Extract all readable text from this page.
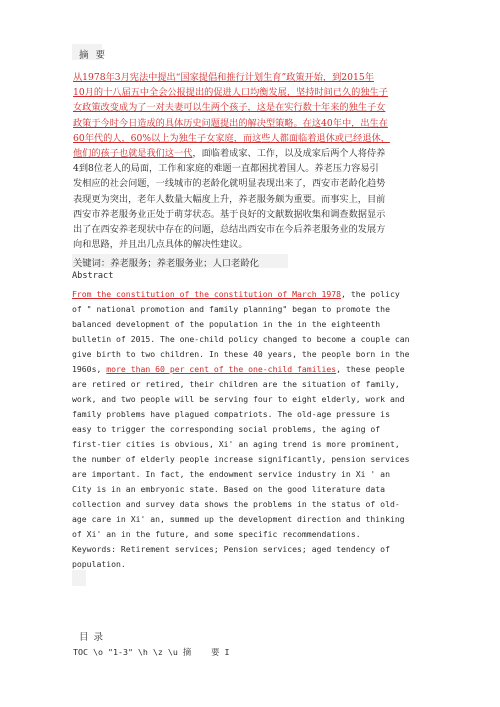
摘 要
从1978年3月宪法中提出“国家提倡和推行计划生育”政策开始，到2015年
10月的十八届五中全会公报提出的促进人口均衡发展，坚持时间已久的独生子
女政策改变成为了一对夫妻可以生两个孩子，这是在实行数十年来的独生子女
政策于今时今日造成的具体历史问题提出的解决型策略。在这40年中，出生在
60年代的人，60%以上为独生子女家庭，而这些人都面临着退休或已经退休，
他们的孩子也就是我们这一代，面临着成家、工作，以及成家后两个人将侍养
4到8位老人的局面，工作和家庭的难题一直都困扰着国人。养老压力容易引
发相应的社会问题，一线城市的老龄化就明显表现出来了，西安市老龄化趋势
表现更为突出，老年人数量大幅度上升，养老服务颇为重要。而事实上，目前
西安市养老服务业正处于萌芽状态。基于良好的文献数据收集和调查数据显示
出了在西安养老现状中存在的问题，总结出西安市在今后养老服务业的发展方
向和思路，并且出几点具体的解决性建议。
关键词：养老服务；养老服务业；人口老龄化
Abstract
From the constitution of the constitution of March 1978, the policy
of " national promotion and family planning" began to promote the
balanced development of the population in the in the eighteenth
bulletin of 2015. The one-child policy changed to become a couple can
give birth to two children. In these 40 years, the people born in the
1960s, more than 60 per cent of the one-child families, these people
are retired or retired, their children are the situation of family,
work, and two people will be serving four to eight elderly, work and
family problems have plagued compatriots. The old-age pressure is
easy to trigger the corresponding social problems, the aging of
first-tier cities is obvious, Xi' an aging trend is more prominent,
the number of elderly people increase significantly, pension services
are important. In fact, the endowment service industry in Xi ' an
City is in an embryonic state. Based on the good literature data
collection and survey data shows the problems in the status of old-
age care in Xi' an, summed up the development direction and thinking
of Xi' an in the future, and some specific recommendations.
Keywords: Retirement services; Pension services; aged tendency of
population.
目 录
TOC \o "1-3" \h \z \u 摘    要 I
